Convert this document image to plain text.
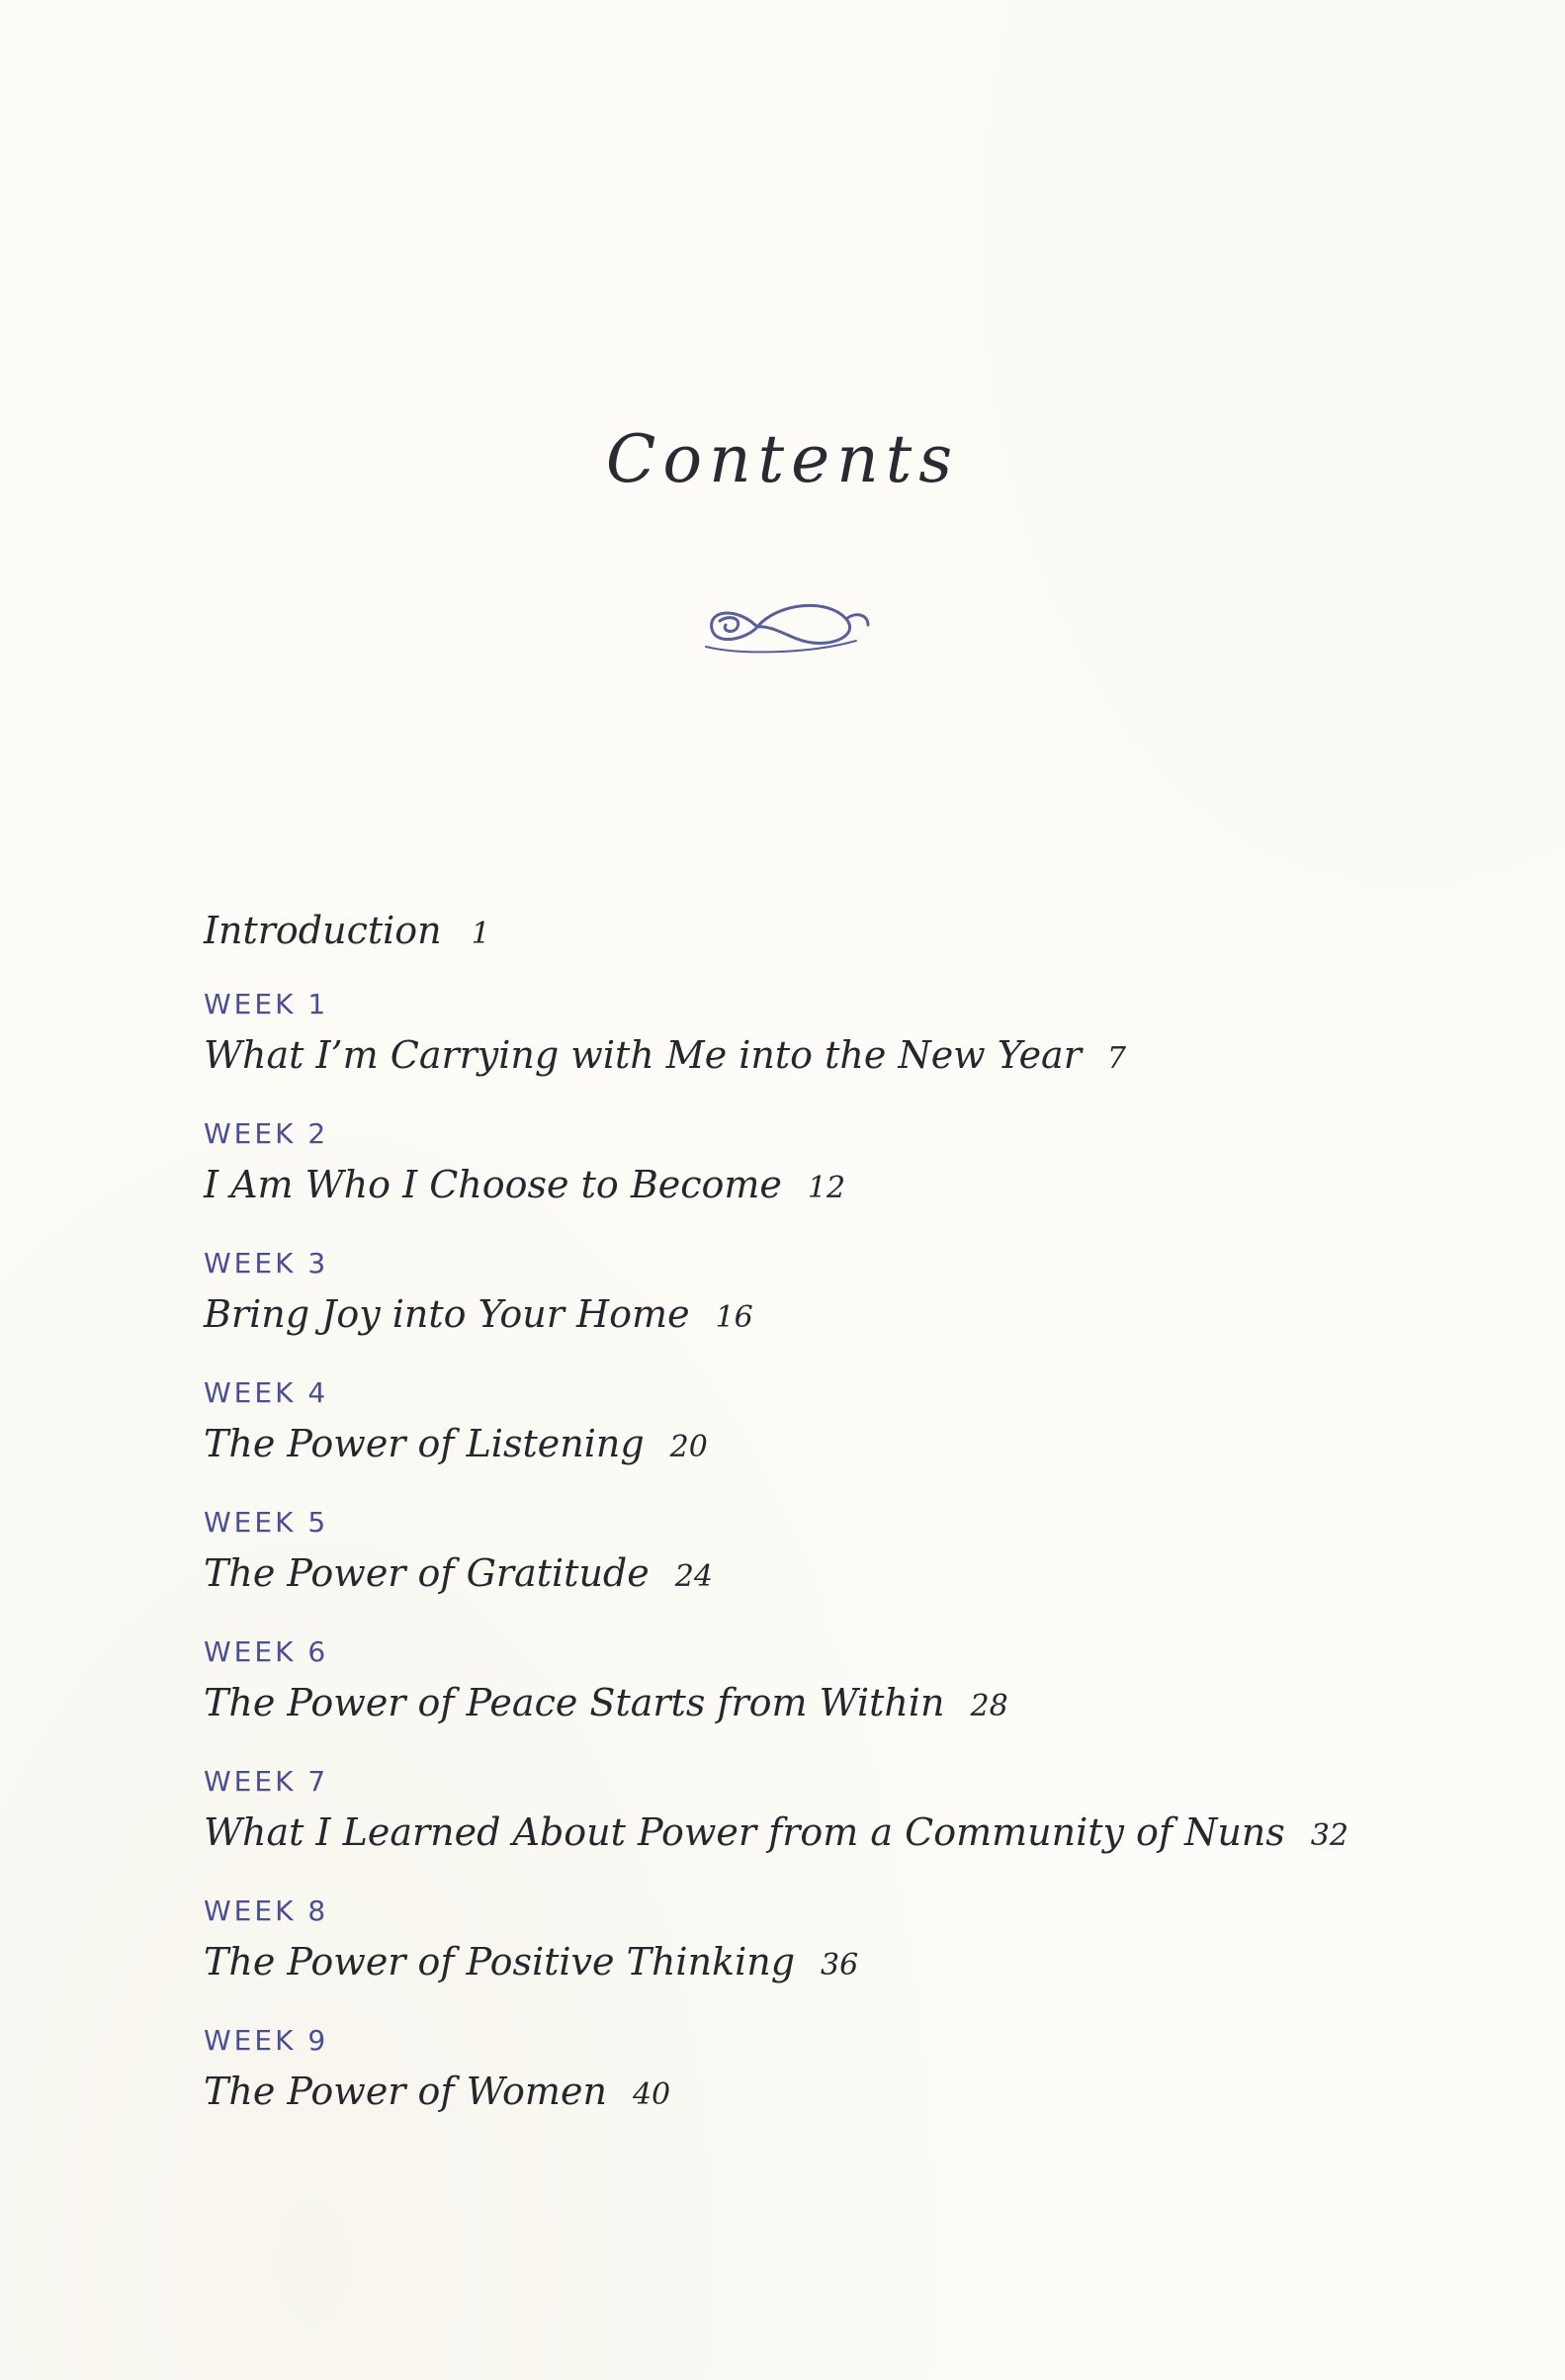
Contents
Introduction 1
WEEK 1
What I’m Carrying with Me into the New Year 7
WEEK 2
I Am Who I Choose to Become 12
WEEK 3
Bring Joy into Your Home 16
WEEK 4
The Power of Listening 20
WEEK 5
The Power of Gratitude 24
WEEK 6
The Power of Peace Starts from Within 28
WEEK 7
What I Learned About Power from a Community of Nuns 32
WEEK 8
The Power of Positive Thinking 36
WEEK 9
The Power of Women 40
